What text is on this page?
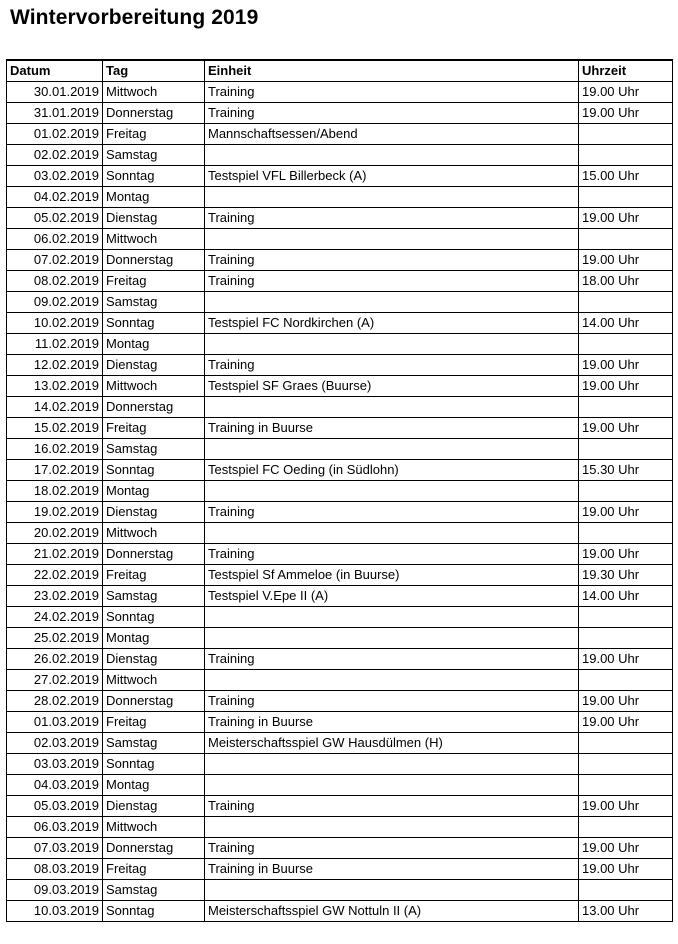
Wintervorbereitung 2019
Datum	Tag	Einheit	Uhrzeit
30.01.2019	Mittwoch	Training	19.00 Uhr
31.01.2019	Donnerstag	Training	19.00 Uhr
01.02.2019	Freitag	Mannschaftsessen/Abend	
02.02.2019	Samstag		
03.02.2019	Sonntag	Testspiel VFL Billerbeck (A)	15.00 Uhr
04.02.2019	Montag		
05.02.2019	Dienstag	Training	19.00 Uhr
06.02.2019	Mittwoch		
07.02.2019	Donnerstag	Training	19.00 Uhr
08.02.2019	Freitag	Training	18.00 Uhr
09.02.2019	Samstag		
10.02.2019	Sonntag	Testspiel FC Nordkirchen (A)	14.00 Uhr
11.02.2019	Montag		
12.02.2019	Dienstag	Training	19.00 Uhr
13.02.2019	Mittwoch	Testspiel SF Graes (Buurse)	19.00 Uhr
14.02.2019	Donnerstag		
15.02.2019	Freitag	Training in Buurse	19.00 Uhr
16.02.2019	Samstag		
17.02.2019	Sonntag	Testspiel FC Oeding (in Südlohn)	15.30 Uhr
18.02.2019	Montag		
19.02.2019	Dienstag	Training	19.00 Uhr
20.02.2019	Mittwoch		
21.02.2019	Donnerstag	Training	19.00 Uhr
22.02.2019	Freitag	Testspiel Sf Ammeloe (in Buurse)	19.30 Uhr
23.02.2019	Samstag	Testspiel V.Epe II (A)	14.00 Uhr
24.02.2019	Sonntag		
25.02.2019	Montag		
26.02.2019	Dienstag	Training	19.00 Uhr
27.02.2019	Mittwoch		
28.02.2019	Donnerstag	Training	19.00 Uhr
01.03.2019	Freitag	Training in Buurse	19.00 Uhr
02.03.2019	Samstag	Meisterschaftsspiel GW Hausdülmen (H)	
03.03.2019	Sonntag		
04.03.2019	Montag		
05.03.2019	Dienstag	Training	19.00 Uhr
06.03.2019	Mittwoch		
07.03.2019	Donnerstag	Training	19.00 Uhr
08.03.2019	Freitag	Training in Buurse	19.00 Uhr
09.03.2019	Samstag		
10.03.2019	Sonntag	Meisterschaftsspiel GW Nottuln II (A)	13.00 Uhr
